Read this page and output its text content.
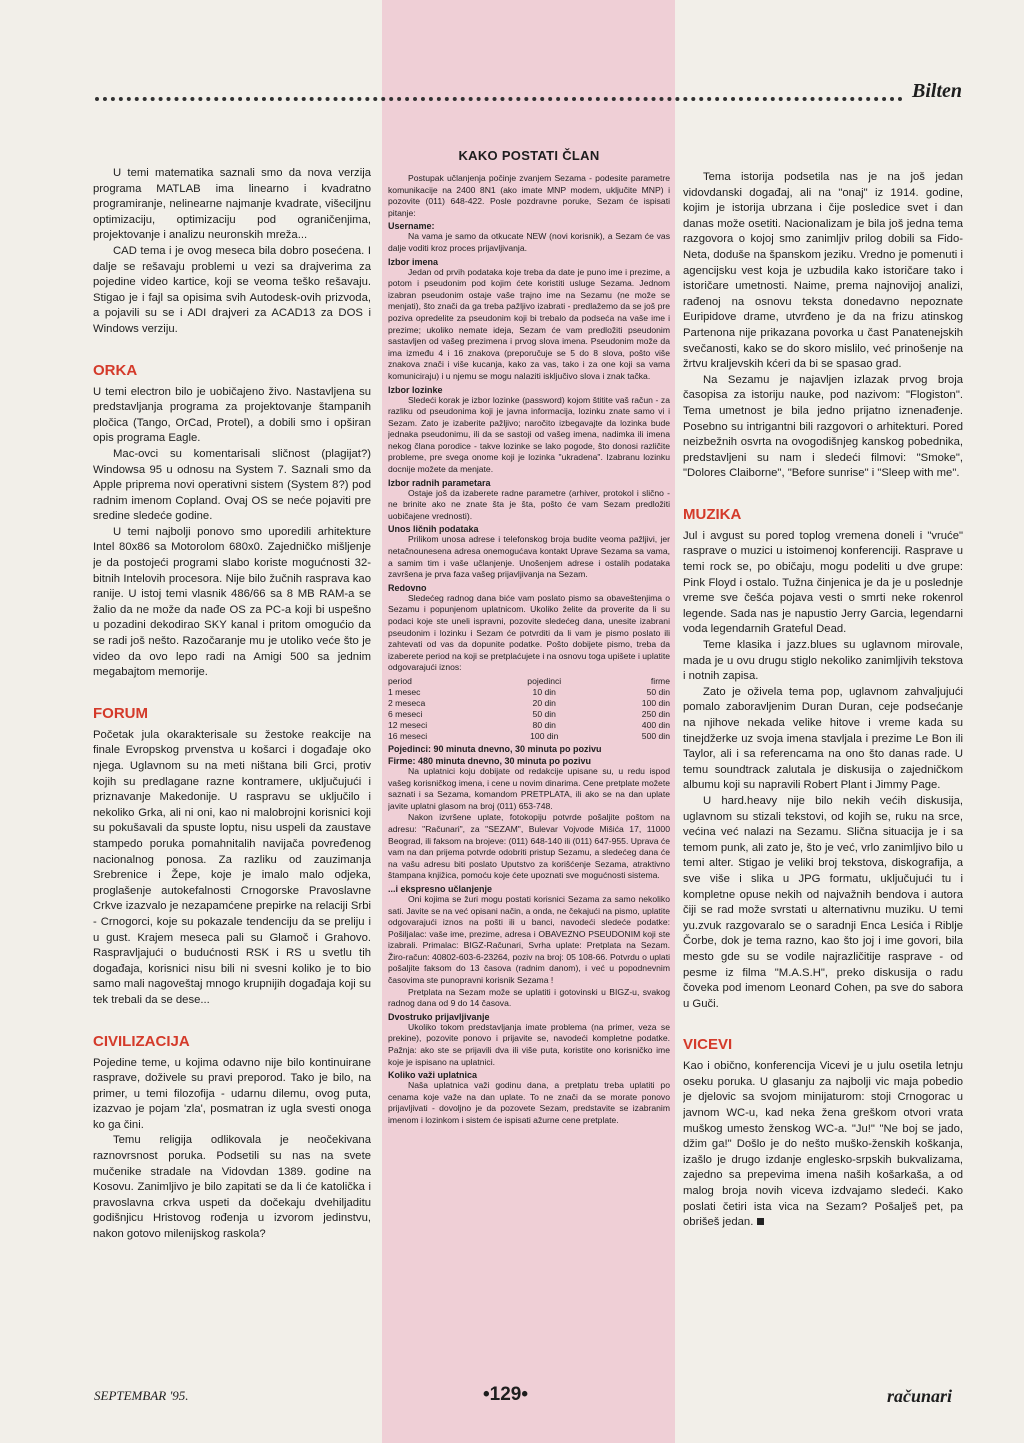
Bilten

U temi matematika saznali smo da nova verzija programa MATLAB ima linearno i kvadratno programiranje, nelinearne najmanje kvadrate, višeciljnu optimizaciju, optimizaciju pod ograničenjima, projektovanje i analizu neuronskih mreža...

CAD tema i je ovog meseca bila dobro posećena. I dalje se rešavaju problemi u vezi sa drajverima za pojedine video kartice, koji se veoma teško rešavaju. Stigao je i fajl sa opisima svih Autodesk-ovih prizvoda, a pojavili su se i ADI drajveri za ACAD13 za DOS i Windows verziju.

ORKA

U temi electron bilo je uobičajeno živo. Nastavljena su predstavljanja programa za projektovanje štampanih pločica (Tango, OrCad, Protel), a dobili smo i opširan opis programa Eagle.

Mac-ovci su komentarisali sličnost (plagijat?) Windowsa 95 u odnosu na System 7. Saznali smo da Apple priprema novi operativni sistem (System 8?) pod radnim imenom Copland. Ovaj OS se neće pojaviti pre sredine sledeće godine.

U temi najbolji ponovo smo uporedili arhitekture Intel 80x86 sa Motorolom 680x0. Zajedničko mišljenje je da postojeći programi slabo koriste mogućnosti 32-bitnih Intelovih procesora. Nije bilo žučnih rasprava kao ranije. U istoj temi vlasnik 486/66 sa 8 MB RAM-a se žalio da ne može da nađe OS za PC-a koji bi uspešno u pozadini dekodirao SKY kanal i pritom omogućio da se radi još nešto. Razočaranje mu je utoliko veće što je video da ovo lepo radi na Amigi 500 sa jednim megabajtom memorije.

FORUM

Početak jula okarakterisale su žestoke reakcije na finale Evropskog prvenstva u košarci i događaje oko njega. Uglavnom su na meti ništana bili Grci, protiv kojih su predlagane razne kontramere, uključujući i priznavanje Makedonije. U raspravu se uključilo i nekoliko Grka, ali ni oni, kao ni malobrojni korisnici koji su pokušavali da spuste loptu, nisu uspeli da zaustave stampedo poruka pomahnitalih navijača povređenog nacionalnog ponosa. Za razliku od zauzimanja Srebrenice i Žepe, koje je imalo malo odjeka, proglašenje autokefalnosti Crnogorske Pravoslavne Crkve izazvalo je nezapamćene prepirke na relaciji Srbi - Crnogorci, koje su pokazale tendenciju da se preliju i u gust. Krajem meseca pali su Glamoč i Grahovo. Raspravljajući o budućnosti RSK i RS u svetlu tih događaja, korisnici nisu bili ni svesni koliko je to bio samo mali nagoveštaj mnogo krupnijih događaja koji su tek trebali da se dese...

CIVILIZACIJA

Pojedine teme, u kojima odavno nije bilo kontinuirane rasprave, doživele su pravi preporod. Tako je bilo, na primer, u temi filozofija - udarnu dilemu, ovog puta, izazvao je pojam 'zla', posmatran iz ugla svesti onoga ko ga čini.

Temu religija odlikovala je neočekivana raznovrsnost poruka. Podsetili su nas na svete mučenike stradale na Vidovdan 1389. godine na Kosovu. Zanimljivo je bilo zapitati se da li će katolička i pravoslavna crkva uspeti da dočekaju dvehiljaditu godišnjicu Hristovog rođenja u izvorom jedinstvu, nakon gotovo milenijskog raskola?

KAKO POSTATI ČLAN

Postupak učlanjenja počinje zvanjem Sezama - podesite parametre komunikacije na 2400 8N1 (ako imate MNP modem, uključite MNP) i pozovite (011) 648-422. Posle pozdravne poruke, Sezam će ispisati pitanje:

Username:

Na vama je samo da otkucate NEW (novi korisnik), a Sezam će vas dalje voditi kroz proces prijavljivanja.

Izbor imena

Jedan od prvih podataka koje treba da date je puno ime i prezime, a potom i pseudonim pod kojim ćete koristiti usluge Sezama. Jednom izabran pseudonim ostaje vaše trajno ime na Sezamu (ne može se menjati), što znači da ga treba pažljivo izabrati - predlažemo da se još pre poziva opredelite za pseudonim koji bi trebalo da podseća na vaše ime i prezime; ukoliko nemate ideja, Sezam će vam predložiti pseudonim sastavljen od vašeg prezimena i prvog slova imena. Pseudonim može da ima između 4 i 16 znakova (preporučuje se 5 do 8 slova, pošto više znakova znači i više kucanja, kako za vas, tako i za one koji sa vama komuniciraju) i u njemu se mogu nalaziti isključivo slova i znak tačka.

Izbor lozinke

Sledeći korak je izbor lozinke (password) kojom štitite vaš račun - za razliku od pseudonima koji je javna informacija, lozinku znate samo vi i Sezam. Zato je izaberite pažljivo; naročito izbegavajte da lozinka bude jednaka pseudonimu, ili da se sastoji od vašeg imena, nadimka ili imena nekog člana porodice - takve lozinke se lako pogode, što donosi različite probleme, pre svega onome koji je lozinka "ukradena". Izabranu lozinku docnije možete da menjate.

Izbor radnih parametara

Ostaje još da izaberete radne parametre (arhiver, protokol i slično - ne brinite ako ne znate šta je šta, pošto će vam Sezam predložiti uobičajene vrednosti).

Unos ličnih podataka

Prilikom unosa adrese i telefonskog broja budite veoma pažljivi, jer netačnounesena adresa onemogućava kontakt Uprave Sezama sa vama, a samim tim i vaše učlanjenje. Unošenjem adrese i ostalih podataka završena je prva faza vašeg prijavljivanja na Sezam.

Redovno

Sledećeg radnog dana biće vam poslato pismo sa obaveštenjima o Sezamu i popunjenom uplatnicom. Ukoliko želite da proverite da li su podaci koje ste uneli ispravni, pozovite sledećeg dana, unesite izabrani pseudonim i lozinku i Sezam će potvrditi da li vam je pismo poslato ili zahtevati od vas da dopunite podatke. Pošto dobijete pismo, treba da izaberete period na koji se pretplaćujete i na osnovu toga upišete i uplatite odgovarajući iznos:

period	pojedinci	firme
1 mesec	10 din	50 din
2 meseca	20 din	100 din
6 meseci	50 din	250 din
12 meseci	80 din	400 din
16 meseci	100 din	500 din
Pojedinci: 90 minuta dnevno, 30 minuta po pozivu
Firme: 480 minuta dnevno, 30 minuta po pozivu

Na uplatnici koju dobijate od redakcije upisane su, u redu ispod vašeg korisničkog imena, i cene u novim dinarima. Cene pretplate možete saznati i sa Sezama, komandom PRETPLATA, ili ako se na dan uplate javite uplatni glasom na broj (011) 653-748.

Nakon izvršene uplate, fotokopiju potvrde pošaljite poštom na adresu: "Računari", za "SEZAM", Bulevar Vojvode Mišića 17, 11000 Beograd, ili faksom na brojeve: (011) 648-140 ili (011) 647-955. Uprava će vam na dan prijema potvrde odobriti pristup Sezamu, a sledećeg dana će na vašu adresu biti poslato Uputstvo za korišćenje Sezama, atraktivno štampana knjižica, pomoću koje ćete upoznati sve mogućnosti sistema.

...i ekspresno učlanjenje

Oni kojima se žuri mogu postati korisnici Sezama za samo nekoliko sati. Javite se na već opisani način, a onda, ne čekajući na pismo, uplatite odgovarajući iznos na pošti ili u banci, navodeći sledeće podatke: Pošiljalac: vaše ime, prezime, adresa i OBAVEZNO PSEUDONIM koji ste izabrali. Primalac: BIGZ-Računari, Svrha uplate: Pretplata na Sezam. Žiro-račun: 40802-603-6-23264, poziv na broj: 05 108-66. Potvrdu o uplati pošaljite faksom do 13 časova (radnim danom), i već u popodnevnim časovima ste punopravni korisnik Sezama !

Pretplata na Sezam može se uplatiti i gotovinski u BIGZ-u, svakog radnog dana od 9 do 14 časova.

Dvostruko prijavljivanje

Ukoliko tokom predstavljanja imate problema (na primer, veza se prekine), pozovite ponovo i prijavite se, navodeći kompletne podatke. Pažnja: ako ste se prijavili dva ili više puta, koristite ono korisničko ime koje je ispisano na uplatnici.

Koliko važi uplatnica

Naša uplatnica važi godinu dana, a pretplatu treba uplatiti po cenama koje važe na dan uplate. To ne znači da se morate ponovo prijavljivati - dovoljno je da pozovete Sezam, predstavite se izabranim imenom i lozinkom i sistem će ispisati ažurne cene pretplate.

Tema istorija podsetila nas je na još jedan vidovdanski događaj, ali na "onaj" iz 1914. godine, kojim je istorija ubrzana i čije posledice svet i dan danas može osetiti. Nacionalizam je bila još jedna tema razgovora o kojoj smo zanimljiv prilog dobili sa Fido-Neta, doduše na španskom jeziku. Vredno je pomenuti i agencijsku vest koja je uzbudila kako istoričare tako i istoričare umetnosti. Naime, prema najnovijoj analizi, rađenoj na osnovu teksta donedavno nepoznate Euripidove drame, utvrđeno je da na frizu atinskog Partenona nije prikazana povorka u čast Panatenejskih svečanosti, kako se do skoro mislilo, već prinošenje na žrtvu kraljevskih kćeri da bi se spasao grad.

Na Sezamu je najavljen izlazak prvog broja časopisa za istoriju nauke, pod nazivom: "Flogiston". Tema umetnost je bila jedno prijatno iznenađenje. Posebno su intrigantni bili razgovori o arhitekturi. Pored neizbežnih osvrta na ovogodišnjeg kanskog pobednika, predstavljeni su nam i sledeći filmovi: "Smoke", "Dolores Claiborne", "Before sunrise" i "Sleep with me".

MUZIKA

Jul i avgust su pored toplog vremena doneli i "vruće" rasprave o muzici u istoimenoj konferenciji. Rasprave u temi rock se, po običaju, mogu podeliti u dve grupe: Pink Floyd i ostalo. Tužna činjenica je da je u poslednje vreme sve češća pojava vesti o smrti nekе rokenrol legende. Sada nas je napustio Jerry Garcia, legendarni voda legendarnih Grateful Dead.

Teme klasika i jazz.blues su uglavnom mirovale, mada je u ovu drugu stiglo nekoliko zanimljivih tekstova i notnih zapisa.

Zato je oživela tema pop, uglavnom zahvaljujući pomalo zaboravljenim Duran Duran, ceje podsećanje na njihove nekada velike hitove i vreme kada su tinejdžerke uz svoja imena stavljala i prezime Le Bon ili Taylor, ali i sa referencama na ono što danas rade. U temu soundtrack zalutala je diskusija o zajedničkom albumu koji su napravili Robert Plant i Jimmy Page.

U hard.heavy nije bilo nekih većih diskusija, uglavnom su stizali tekstovi, od kojih se, ruku na srce, većina već nalazi na Sezamu. Slična situacija je i sa temom punk, ali zato je, što je već, vrlo zanimljivo bilo u temi alter. Stigao je veliki broj tekstova, diskografija, a sve više i slika u JPG formatu, uključujući tu i kompletne opuse nekih od najvažnih bendova i autora čiji se rad može svrstati u alternativnu muziku. U temi yu.zvuk razgovaralo se o saradnji Enca Lesića i Riblje Čorbe, dok je tema razno, kao što joj i ime govori, bila mesto gde su se vodile najrazličitije rasprave - od pesme iz filma "M.A.S.H", preko diskusija o radu čoveka pod imenom Leonard Cohen, pa sve do sabora u Guči.

VICEVI

Kao i obično, konferencija Vicevi je u julu osetila letnju oseku poruka. U glasanju za najbolji vic maja pobedio je djelovic sa svojom minijaturom: stoji Crnogorac u javnom WC-u, kad neka žena greškom otvori vrata muškog umesto ženskog WC-a. "Ju!" "Ne boj se jado, džim ga!" Došlo je do nešto muško-ženskih koškanja, izašlo je drugo izdanje englesko-srpskih bukvalizama, zajedno sa prepevima imena naših košarkaša, a od malog broja novih viceva izdvajamo sledeći. Kako poslati četiri ista vica na Sezam? Pošalješ pet, pa obrišeš jedan.

SEPTEMBAR '95.	•129•	računari
